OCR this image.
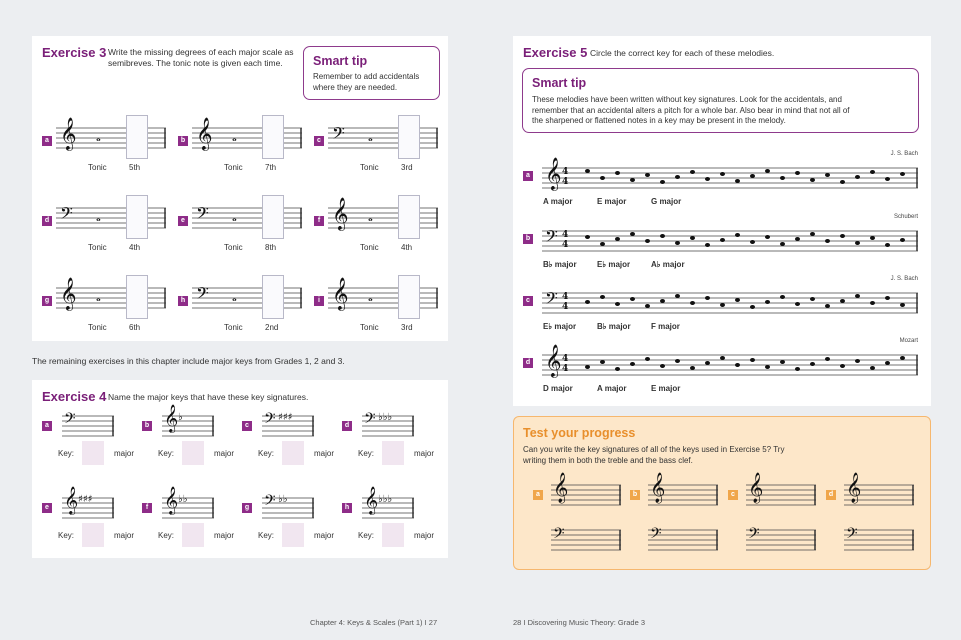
Exercise 3 Write the missing degrees of each major scale as semibreves. The tonic note is given each time.	Smart tip
Remember to add accidentals where they are needed.
The remaining exercises in this chapter include major keys from Grades 1, 2 and 3.
Exercise 4 Name the major keys that have these key signatures.
Chapter 4: Keys & Scales (Part 1) I 27
Exercise 5 Circle the correct key for each of these melodies.
Smart tip
These melodies have been written without key signatures. Look for the accidentals, and remember that an accidental alters a pitch for a whole bar. Also bear in mind that not all of the sharpened or flattened notes in a key may be present in the melody.
Test your progress
Can you write the key signatures of all of the keys used in Exercise 5? Try writing them in both the treble and the bass clef.
28 I Discovering Music Theory: Grade 3
a 𝄞 𝅝
Tonic	5th
b 𝄞 𝅝
Tonic	7th
c 𝄢 𝅝
Tonic	3rd
d 𝄢 𝅝
Tonic	4th
e 𝄢 𝅝
Tonic	8th
f 𝄞 𝅝
Tonic	4th
g 𝄞 𝅝
Tonic	6th
h 𝄢 𝅝
Tonic	2nd
i 𝄞 𝅝
Tonic	3rd
a 𝄢
Key:	major
b 𝄞 ♭
Key:	major
c 𝄢 ♯♯♯
Key:	major
d 𝄢 ♭♭♭
Key:	major
e 𝄞 ♯♯♯
Key:	major
f 𝄞 ♭♭
Key:	major
g 𝄢 ♭♭
Key:	major
h 𝄞 ♭♭♭
Key:	major
J. S. Bach
a 𝄞 4
4
A major	E major	G major
Schubert
b 𝄢 4
4
B♭ major	E♭ major	A♭ major
J. S. Bach
c 𝄢 4
4
E♭ major	B♭ major	F major
Mozart
d 𝄞 4
4
D major	A major	E major
a 𝄞
𝄢
b 𝄞
𝄢
c 𝄞
𝄢
d 𝄞
𝄢
